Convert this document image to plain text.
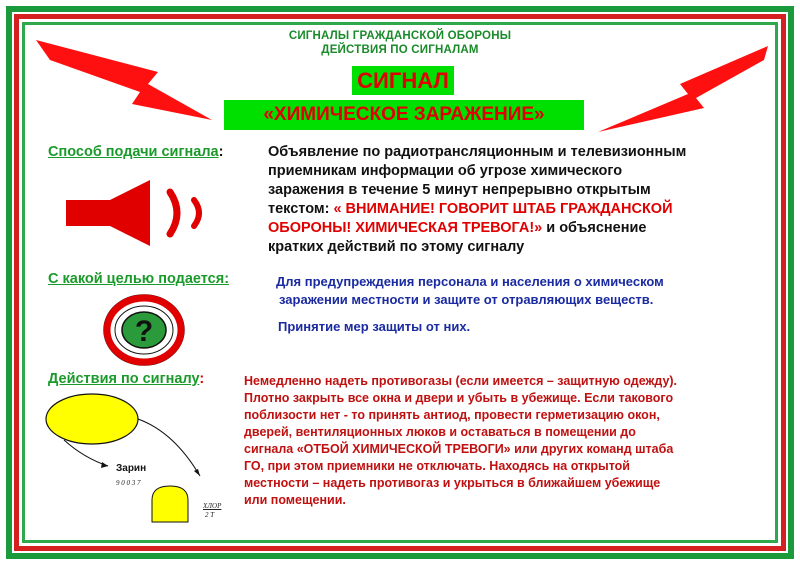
СИГНАЛЫ ГРАЖДАНСКОЙ ОБОРОНЫ
ДЕЙСТВИЯ ПО СИГНАЛАМ
СИГНАЛ
«ХИМИЧЕСКОЕ ЗАРАЖЕНИЕ»
Способ подачи сигнала:	Объявление по радиотрансляционным и телевизионным
приемникам информации об угрозе химического
заражения в течение 5 минут непрерывно открытым
текстом: « ВНИМАНИЕ! ГОВОРИТ ШТАБ ГРАЖДАНСКОЙ
ОБОРОНЫ! ХИМИЧЕСКАЯ ТРЕВОГА!» и объяснение
кратких действий по этому сигналу
С какой целью подается:	Для предупреждения персонала и населения о химическом
заражении местности и защите от отравляющих веществ.
Принятие мер защиты от них.
?
Действия по сигналу:	Немедленно надеть противогазы (если имеется – защитную одежду).
Плотно закрыть все окна и двери и убыть в убежище. Если такового
поблизости нет - то принять антиод, провести герметизацию окон,
дверей, вентиляционных люков и оставаться в помещении до
сигнала «ОТБОЙ ХИМИЧЕСКОЙ ТРЕВОГИ» или других команд штаба
ГО, при этом приемники не отключать. Находясь на открытой
местности – надеть противогаз и укрыться в ближайшем убежище
или помещении.
Зарин
9 0 0 3 7
ХЛОР
2 Т
